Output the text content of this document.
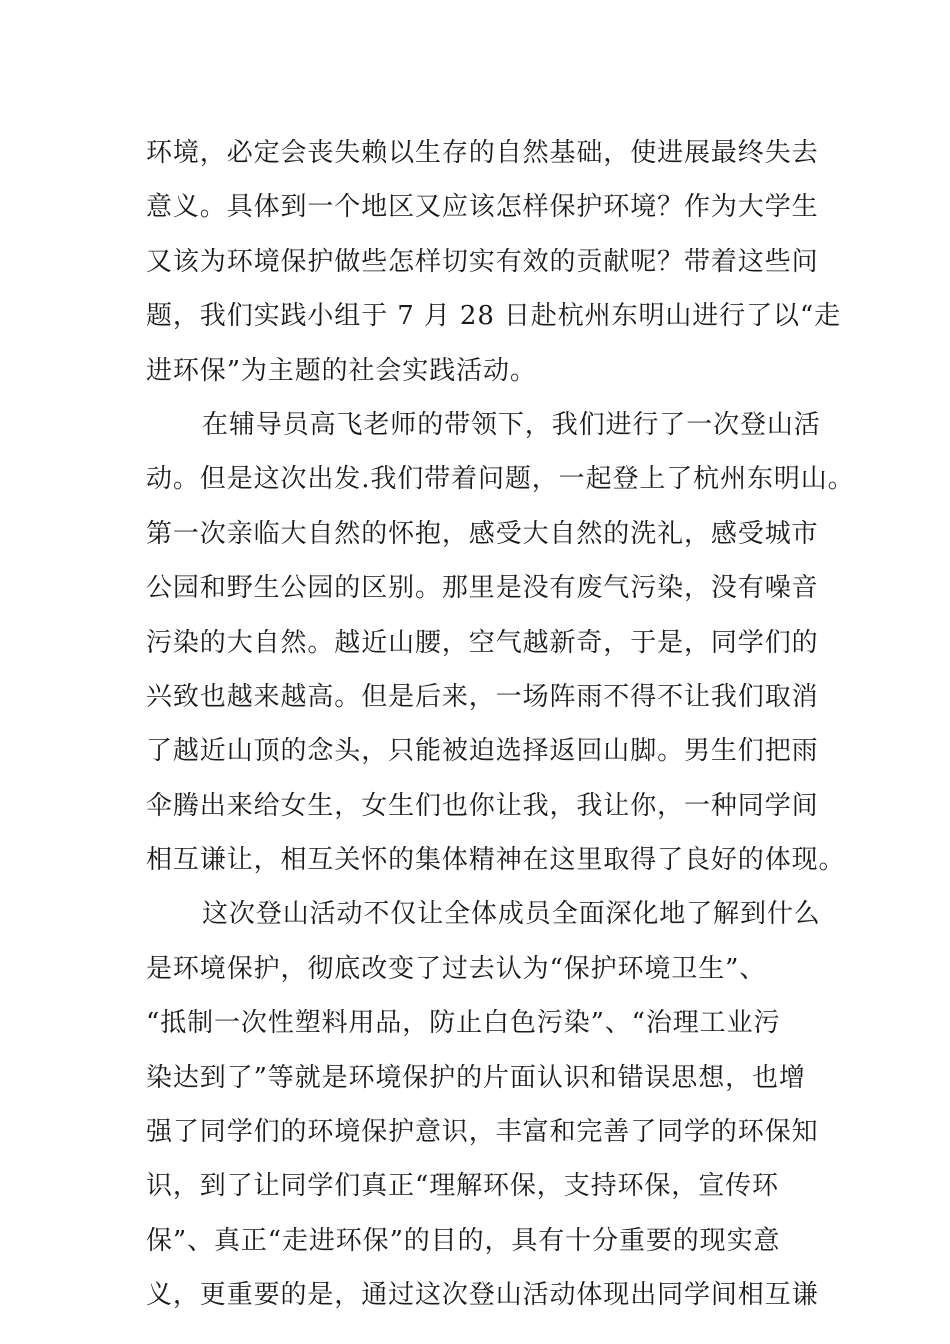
环境，必定会丧失赖以生存的自然基础，使进展最终失去
意义。具体到一个地区又应该怎样保护环境？作为大学生
又该为环境保护做些怎样切实有效的贡献呢？带着这些问
题，我们实践小组于 7 月 28 日赴杭州东明山进行了以“走
进环保”为主题的社会实践活动。
在辅导员高飞老师的带领下，我们进行了一次登山活
动。但是这次出发.我们带着问题，一起登上了杭州东明山。
第一次亲临大自然的怀抱，感受大自然的洗礼，感受城市
公园和野生公园的区别。那里是没有废气污染，没有噪音
污染的大自然。越近山腰，空气越新奇，于是，同学们的
兴致也越来越高。但是后来，一场阵雨不得不让我们取消
了越近山顶的念头，只能被迫选择返回山脚。男生们把雨
伞腾出来给女生，女生们也你让我，我让你，一种同学间
相互谦让，相互关怀的集体精神在这里取得了良好的体现。
这次登山活动不仅让全体成员全面深化地了解到什么
是环境保护，彻底改变了过去认为“保护环境卫生”、
“抵制一次性塑料用品，防止白色污染”、“治理工业污
染达到了”等就是环境保护的片面认识和错误思想，也增
强了同学们的环境保护意识，丰富和完善了同学的环保知
识，到了让同学们真正“理解环保，支持环保，宣传环
保”、真正“走进环保”的目的，具有十分重要的现实意
义，更重要的是，通过这次登山活动体现出同学间相互谦
